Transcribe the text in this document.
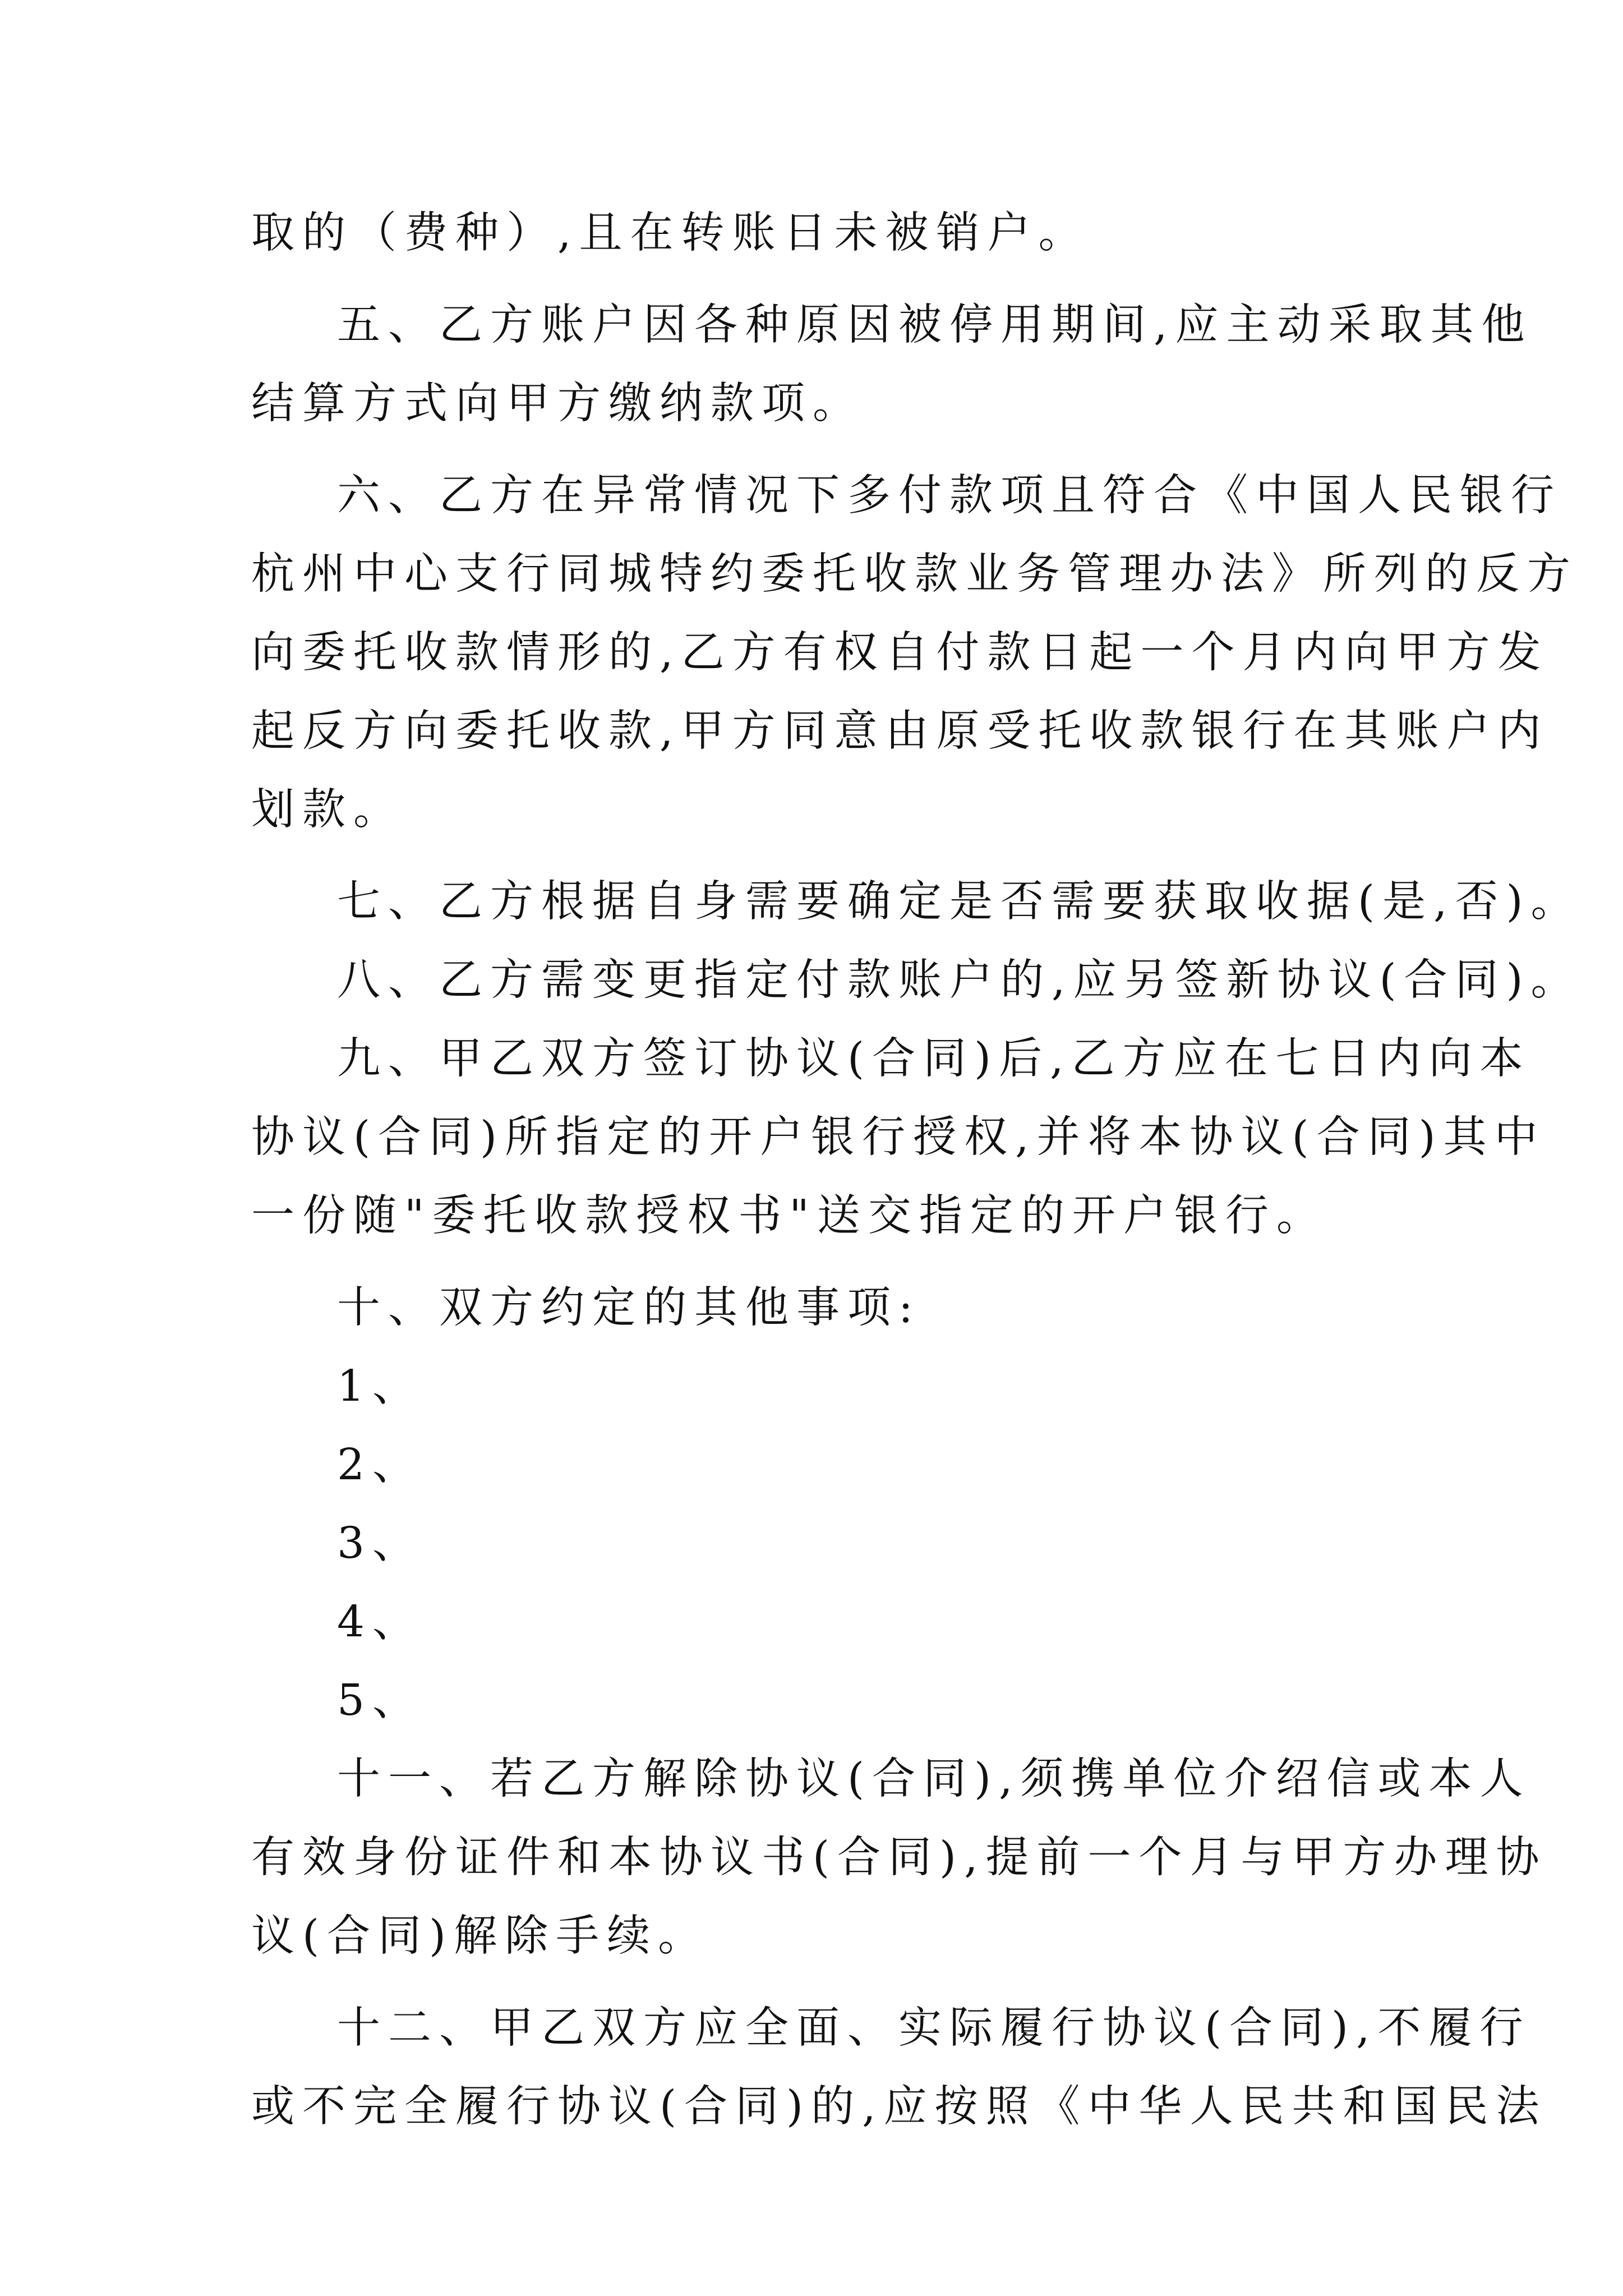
取的（费种）,且在转账日未被销户。
五、乙方账户因各种原因被停用期间,应主动采取其他
结算方式向甲方缴纳款项。
六、乙方在异常情况下多付款项且符合《中国人民银行
杭州中心支行同城特约委托收款业务管理办法》所列的反方
向委托收款情形的,乙方有权自付款日起一个月内向甲方发
起反方向委托收款,甲方同意由原受托收款银行在其账户内
划款。
七、乙方根据自身需要确定是否需要获取收据(是,否)。
八、乙方需变更指定付款账户的,应另签新协议(合同)。
九、甲乙双方签订协议(合同)后,乙方应在七日内向本
协议(合同)所指定的开户银行授权,并将本协议(合同)其中
一份随"委托收款授权书"送交指定的开户银行。
十、双方约定的其他事项:
1、
2、
3、
4、
5、
十一、若乙方解除协议(合同),须携单位介绍信或本人
有效身份证件和本协议书(合同),提前一个月与甲方办理协
议(合同)解除手续。
十二、甲乙双方应全面、实际履行协议(合同),不履行
或不完全履行协议(合同)的,应按照《中华人民共和国民法
